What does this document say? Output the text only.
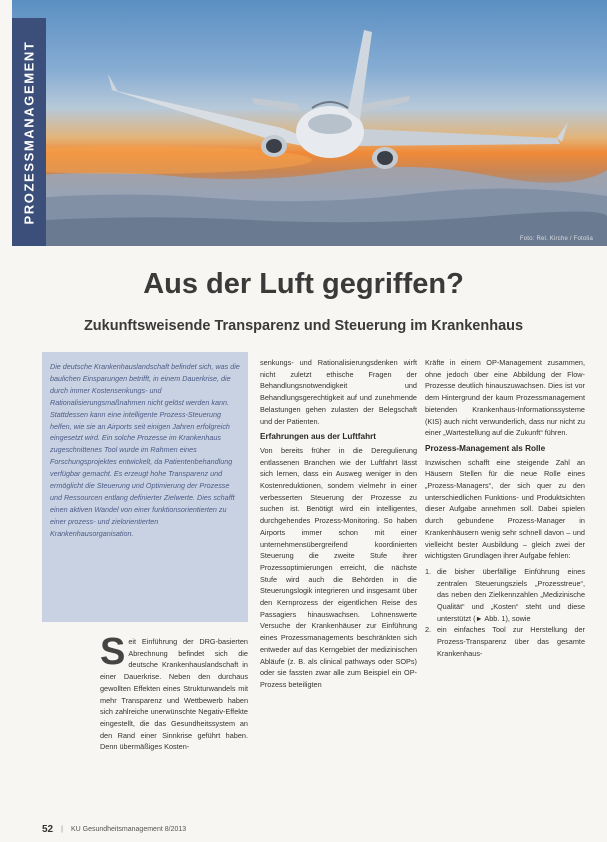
Foto: Rel. Kirche / Fotolia
PROZESSMANAGEMENT
Aus der Luft gegriffen?
Zukunftsweisende Transparenz und Steuerung im Krankenhaus

Die deutsche Krankenhauslandschaft befindet sich, was die baulichen Einsparungen betrifft, in einem Dauerkrise, die durch immer Kostensenkungs- und Rationalisierungsmaßnahmen nicht gelöst werden kann. Stattdessen kann eine intelligente Prozess-Steuerung helfen, wie sie an Airports seit einigen Jahren erfolgreich eingesetzt wird. Ein solche Prozesse im Krankenhaus zugeschnittenes Tool wurde im Rahmen eines Forschungsprojektes entwickelt, da Patientenbehandlung verfügbar gemacht. Es erzeugt hohe Transparenz und ermöglicht die Steuerung und Optimierung der Prozesse und Ressourcen entlang definierter Zielwerte. Dies schafft einen aktiven Wandel von einer funktionsorientierten zu einer prozess- und zielorientierten Krankenhausorganisation.

S eit Einführung der DRG-basierten Abrechnung befindet sich die deutsche Krankenhauslandschaft in einer Dauerkrise. Neben den durchaus gewollten Effekten eines Strukturwandels mit mehr Transparenz und Wettbewerb haben sich zahlreiche unerwünschte Negativ-Effekte eingestellt, die das Gesundheitssystem an den Rand einer Sinnkrise geführt haben. Denn übermäßiges Kosten-

senkungs- und Rationalisierungsdenken wirft nicht zuletzt ethische Fragen der Behandlungsnotwendigkeit und Behandlungsgerechtigkeit auf und zunehmende Belastungen gehen zulasten der Belegschaft und der Patienten.

Erfahrungen aus der Luftfahrt

Von bereits früher in die Deregulierung entlassenen Branchen wie der Luftfahrt lässt sich lernen, dass ein Ausweg weniger in den Kostenreduktionen, sondern vielmehr in einer verbesserten Steuerung der Prozesse zu suchen ist. Benötigt wird ein intelligentes, durchgehendes Prozess-Monitoring. So haben Airports immer schon mit einer unternehmensübergreifend koordinierten Steuerung die zweite Stufe ihrer Prozessoptimierungen erreicht, die nächste Stufe wird auch die Behörden in die Steuerungslogik integrieren und insgesamt über den Kernprozess der eigentlichen Reise des Passagiers hinauswachsen. Lohnenswerte Versuche der Krankenhäuser zur Einführung eines Prozessmanagements beschränkten sich entweder auf das Kerngebiet der medizinischen Abläufe (z. B. als clinical pathways oder SOPs) oder sie fassten zwar alle zum Beispiel ein OP-Prozess beteiligten

Kräfte in einem OP-Management zusammen, ohne jedoch über eine Abbildung der Flow-Prozesse deutlich hinauszuwachsen. Dies ist vor dem Hintergrund der kaum Prozessmanagement bietenden Krankenhaus-Informationssysteme (KIS) auch nicht verwunderlich, dass nur nicht zu einer „Wartestellung auf die Zukunft“ führen.

Prozess-Management als Rolle

Inzwischen schafft eine steigende Zahl an Häusern Stellen für die neue Rolle eines „Prozess-Managers“, der sich quer zu den unterschiedlichen Funktions- und Produktsichten dieser Aufgabe annehmen soll. Dabei spielen durch gebundene Prozess-Manager in Krankenhäusern wenig sehr schnell davon – und vielleicht bester Ausbildung – gleich zwei der wichtigsten Grundlagen ihrer Aufgabe fehlen:

1. die bisher überfällige Einführung eines zentralen Steuerungsziels „Prozesstreue“, das neben den Zielkennzahlen „Medizinische Qualität“ und „Kosten“ steht und diese unterstützt (► Abb. 1), sowie
2. ein einfaches Tool zur Herstellung der Prozess-Transparenz über das gesamte Krankenhaus-
52 | KU Gesundheitsmanagement 8/2013
